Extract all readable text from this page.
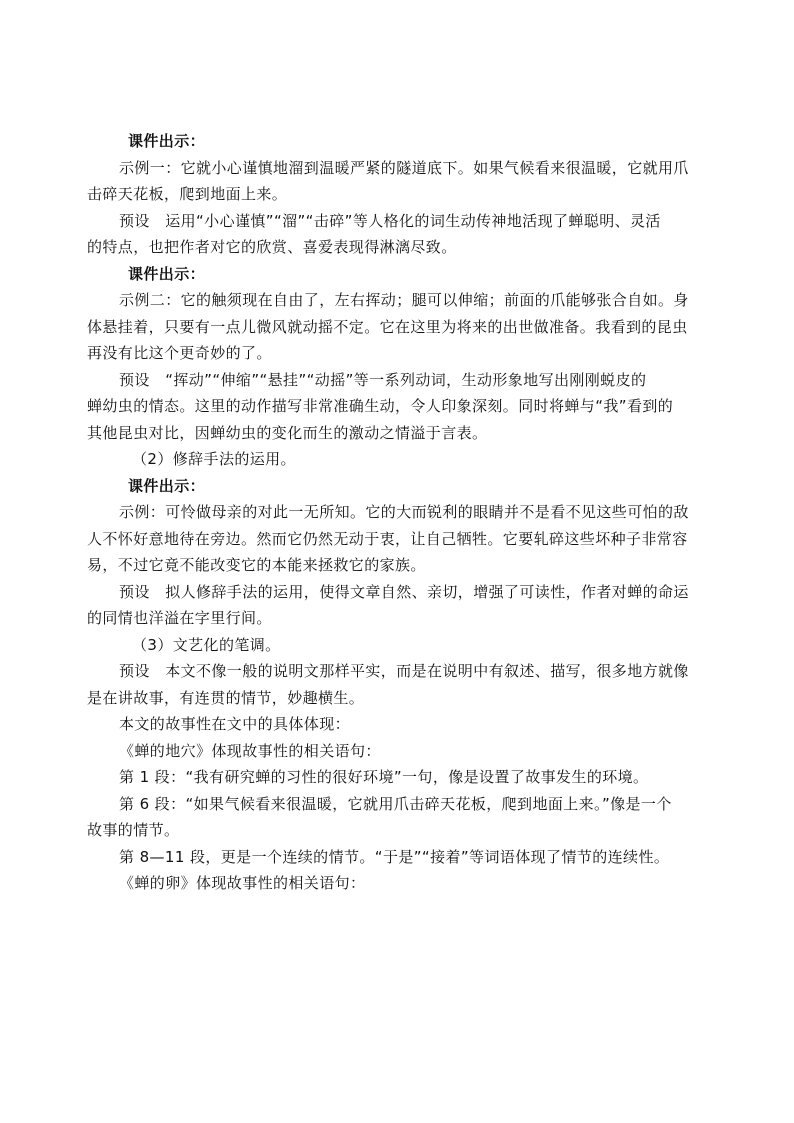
课件出示：
示例一：它就小心谨慎地溜到温暖严紧的隧道底下。如果气候看来很温暖，它就用爪
击碎天花板，爬到地面上来。
预设　运用“小心谨慎”“溜”“击碎”等人格化的词生动传神地活现了蝉聪明、灵活
的特点，也把作者对它的欣赏、喜爱表现得淋漓尽致。
课件出示：
示例二：它的触须现在自由了，左右挥动；腿可以伸缩；前面的爪能够张合自如。身
体悬挂着，只要有一点儿微风就动摇不定。它在这里为将来的出世做准备。我看到的昆虫
再没有比这个更奇妙的了。
预设　“挥动”“伸缩”“悬挂”“动摇”等一系列动词，生动形象地写出刚刚蜕皮的
蝉幼虫的情态。这里的动作描写非常准确生动，令人印象深刻。同时将蝉与“我”看到的
其他昆虫对比，因蝉幼虫的变化而生的激动之情溢于言表。
（2）修辞手法的运用。
课件出示：
示例：可怜做母亲的对此一无所知。它的大而锐利的眼睛并不是看不见这些可怕的敌
人不怀好意地待在旁边。然而它仍然无动于衷，让自己牺牲。它要轧碎这些坏种子非常容
易，不过它竟不能改变它的本能来拯救它的家族。
预设　拟人修辞手法的运用，使得文章自然、亲切，增强了可读性，作者对蝉的命运
的同情也洋溢在字里行间。
（3）文艺化的笔调。
预设　本文不像一般的说明文那样平实，而是在说明中有叙述、描写，很多地方就像
是在讲故事，有连贯的情节，妙趣横生。
本文的故事性在文中的具体体现：
《蝉的地穴》体现故事性的相关语句：
第 1 段：“我有研究蝉的习性的很好环境”一句，像是设置了故事发生的环境。
第 6 段：“如果气候看来很温暖，它就用爪击碎天花板，爬到地面上来。”像是一个
故事的情节。
第 8—11 段，更是一个连续的情节。“于是”“接着”等词语体现了情节的连续性。
《蝉的卵》体现故事性的相关语句：
